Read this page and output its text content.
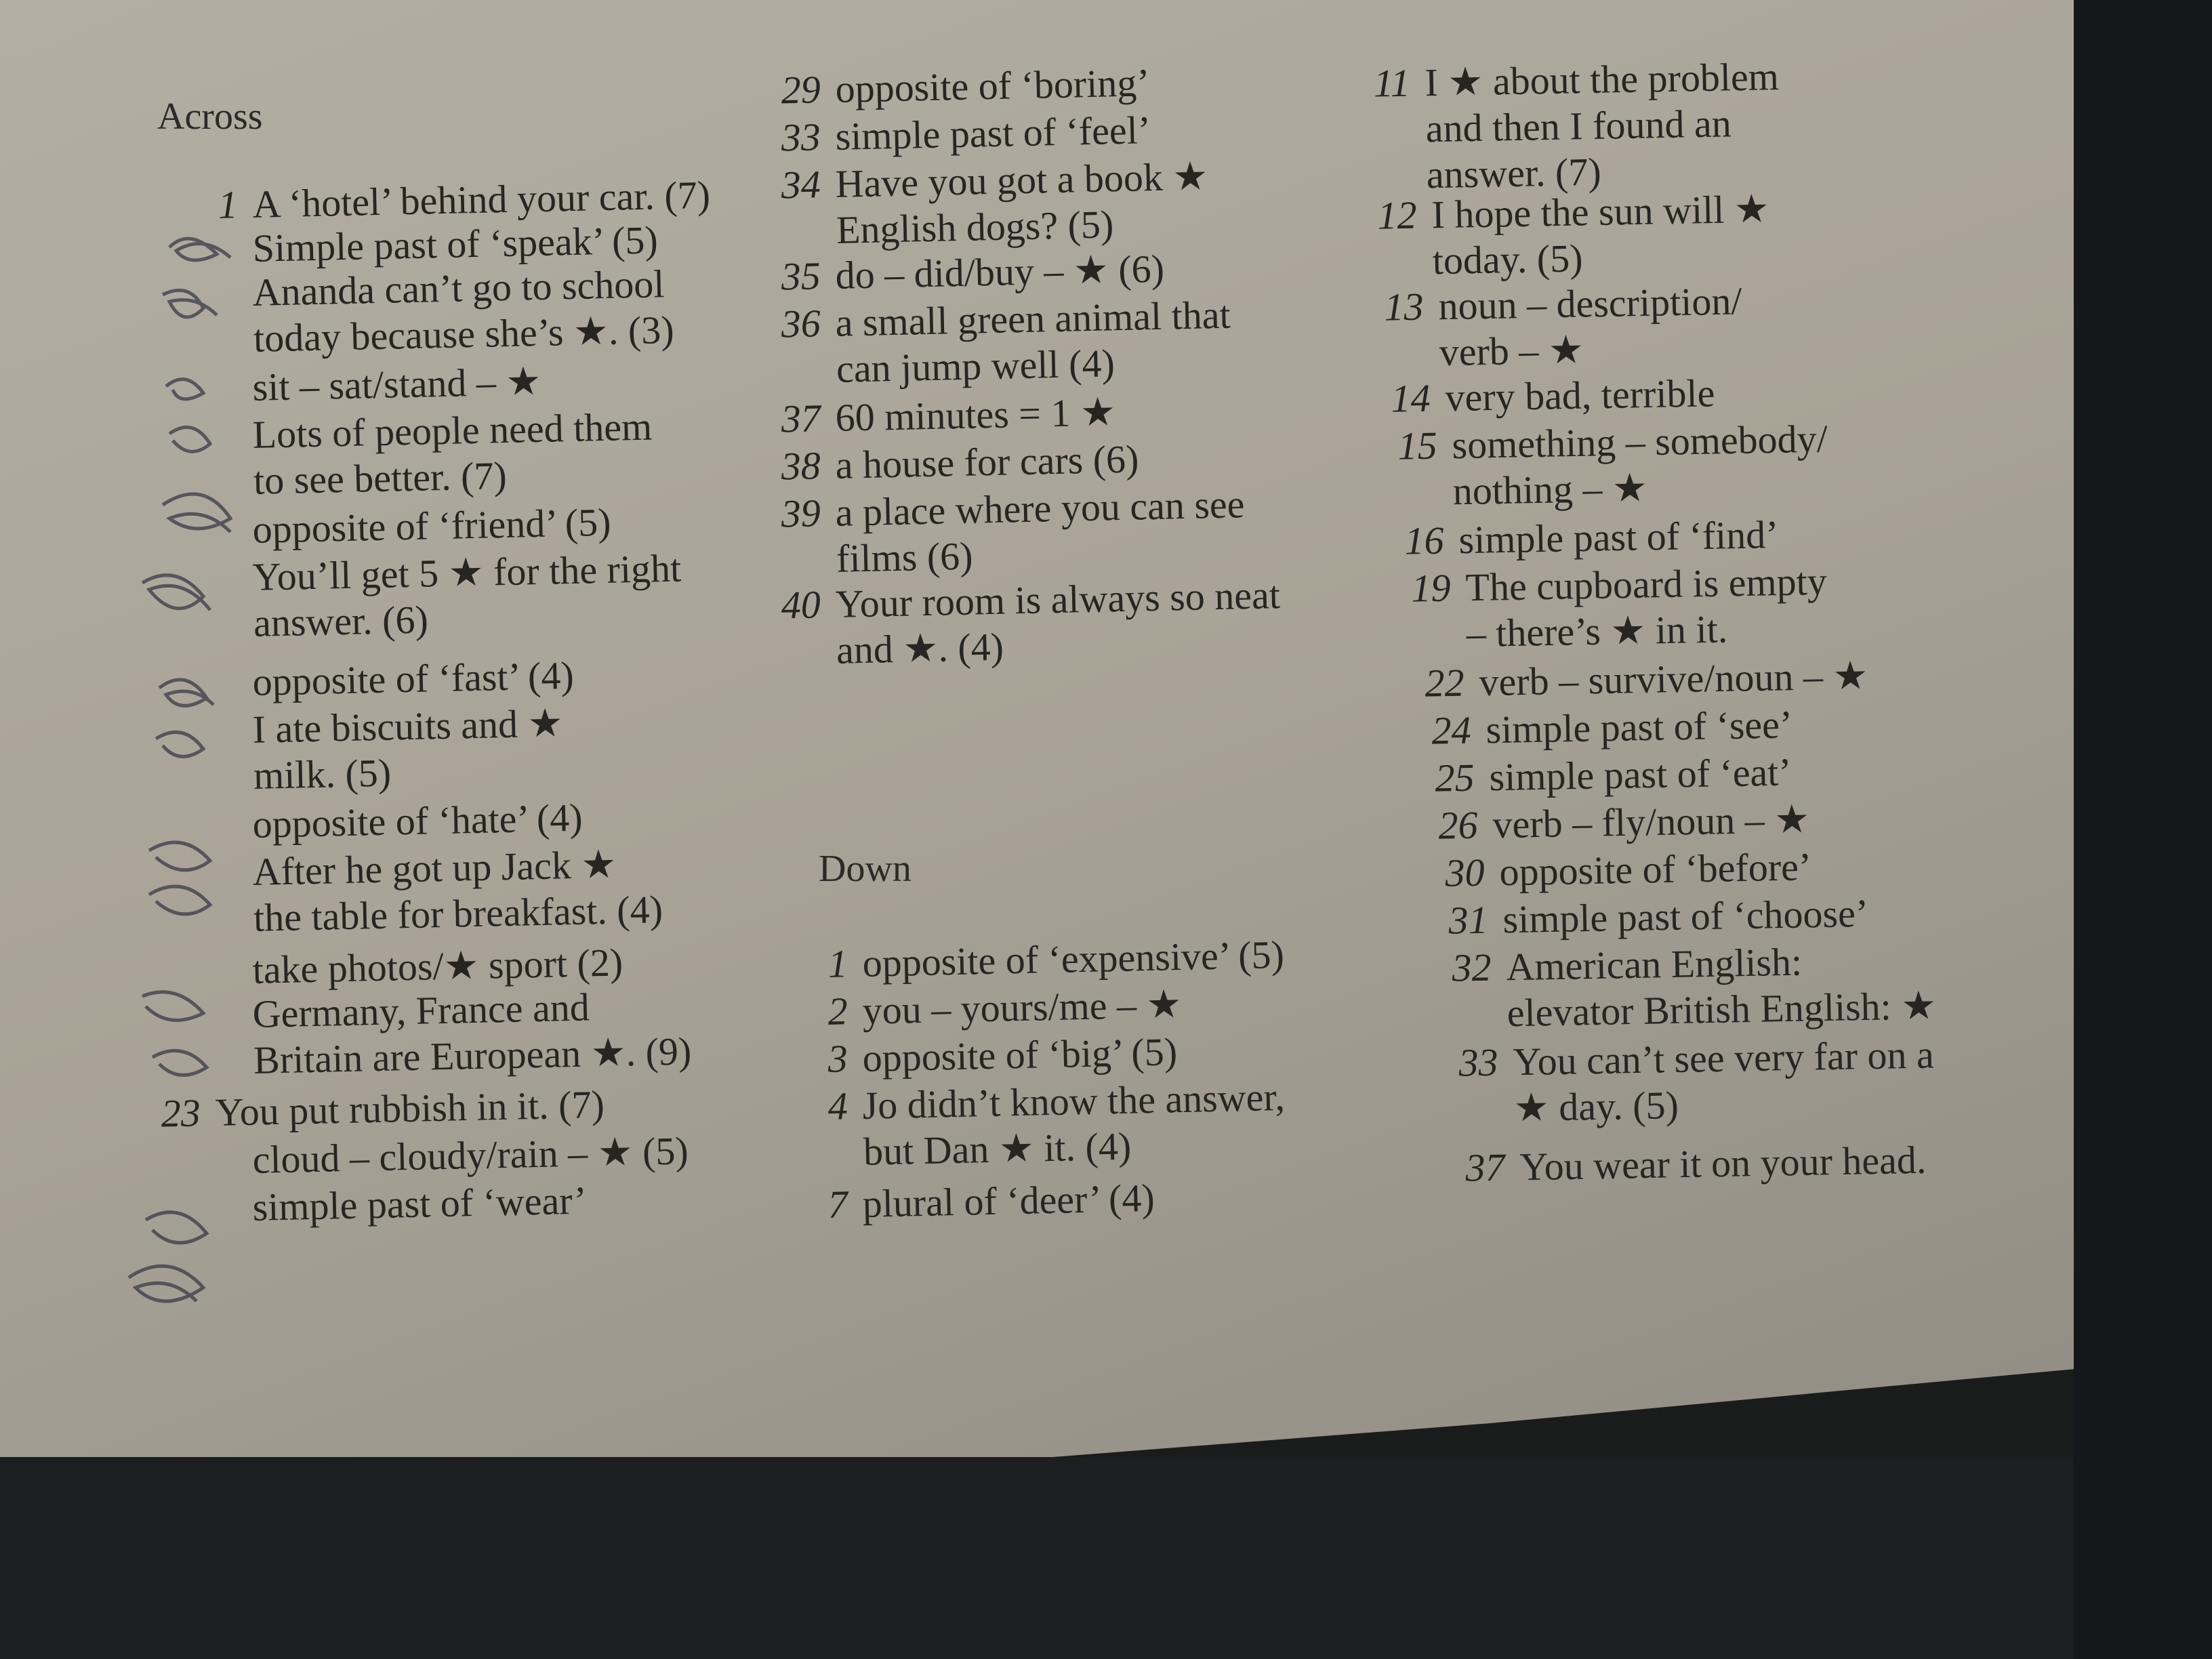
Across
Down
1 A ‘hotel’ behind your car. (7)
Simple past of ‘speak’ (5)
Ananda can’t go to school
today because she’s ★. (3)
sit – sat/stand – ★
Lots of people need them
to see better. (7)
opposite of ‘friend’ (5)
You’ll get 5 ★ for the right
answer. (6)
opposite of ‘fast’ (4)
I ate biscuits and ★
milk. (5)
opposite of ‘hate’ (4)
After he got up Jack ★
the table for breakfast. (4)
take photos/★ sport (2)
Germany, France and
Britain are European ★. (9)
23 You put rubbish in it. (7)
cloud – cloudy/rain – ★ (5)
simple past of ‘wear’
29 opposite of ‘boring’
33 simple past of ‘feel’
34 Have you got a book ★
English dogs? (5)
35 do – did/buy – ★ (6)
36 a small green animal that
can jump well (4)
37 60 minutes = 1 ★
38 a house for cars (6)
39 a place where you can see
films (6)
40 Your room is always so neat
and ★. (4)
1 opposite of ‘expensive’ (5)
2 you – yours/me – ★
3 opposite of ‘big’ (5)
4 Jo didn’t know the answer,
but Dan ★ it. (4)
7 plural of ‘deer’ (4)
11 I ★ about the problem
and then I found an
answer. (7)
12 I hope the sun will ★
today. (5)
13 noun – description/
verb – ★
14 very bad, terrible
15 something – somebody/
nothing – ★
16 simple past of ‘find’
19 The cupboard is empty
– there’s ★ in it.
22 verb – survive/noun – ★
24 simple past of ‘see’
25 simple past of ‘eat’
26 verb – fly/noun – ★
30 opposite of ‘before’
31 simple past of ‘choose’
32 American English:
elevator British English: ★
33 You can’t see very far on a
★ day. (5)
37 You wear it on your head.
